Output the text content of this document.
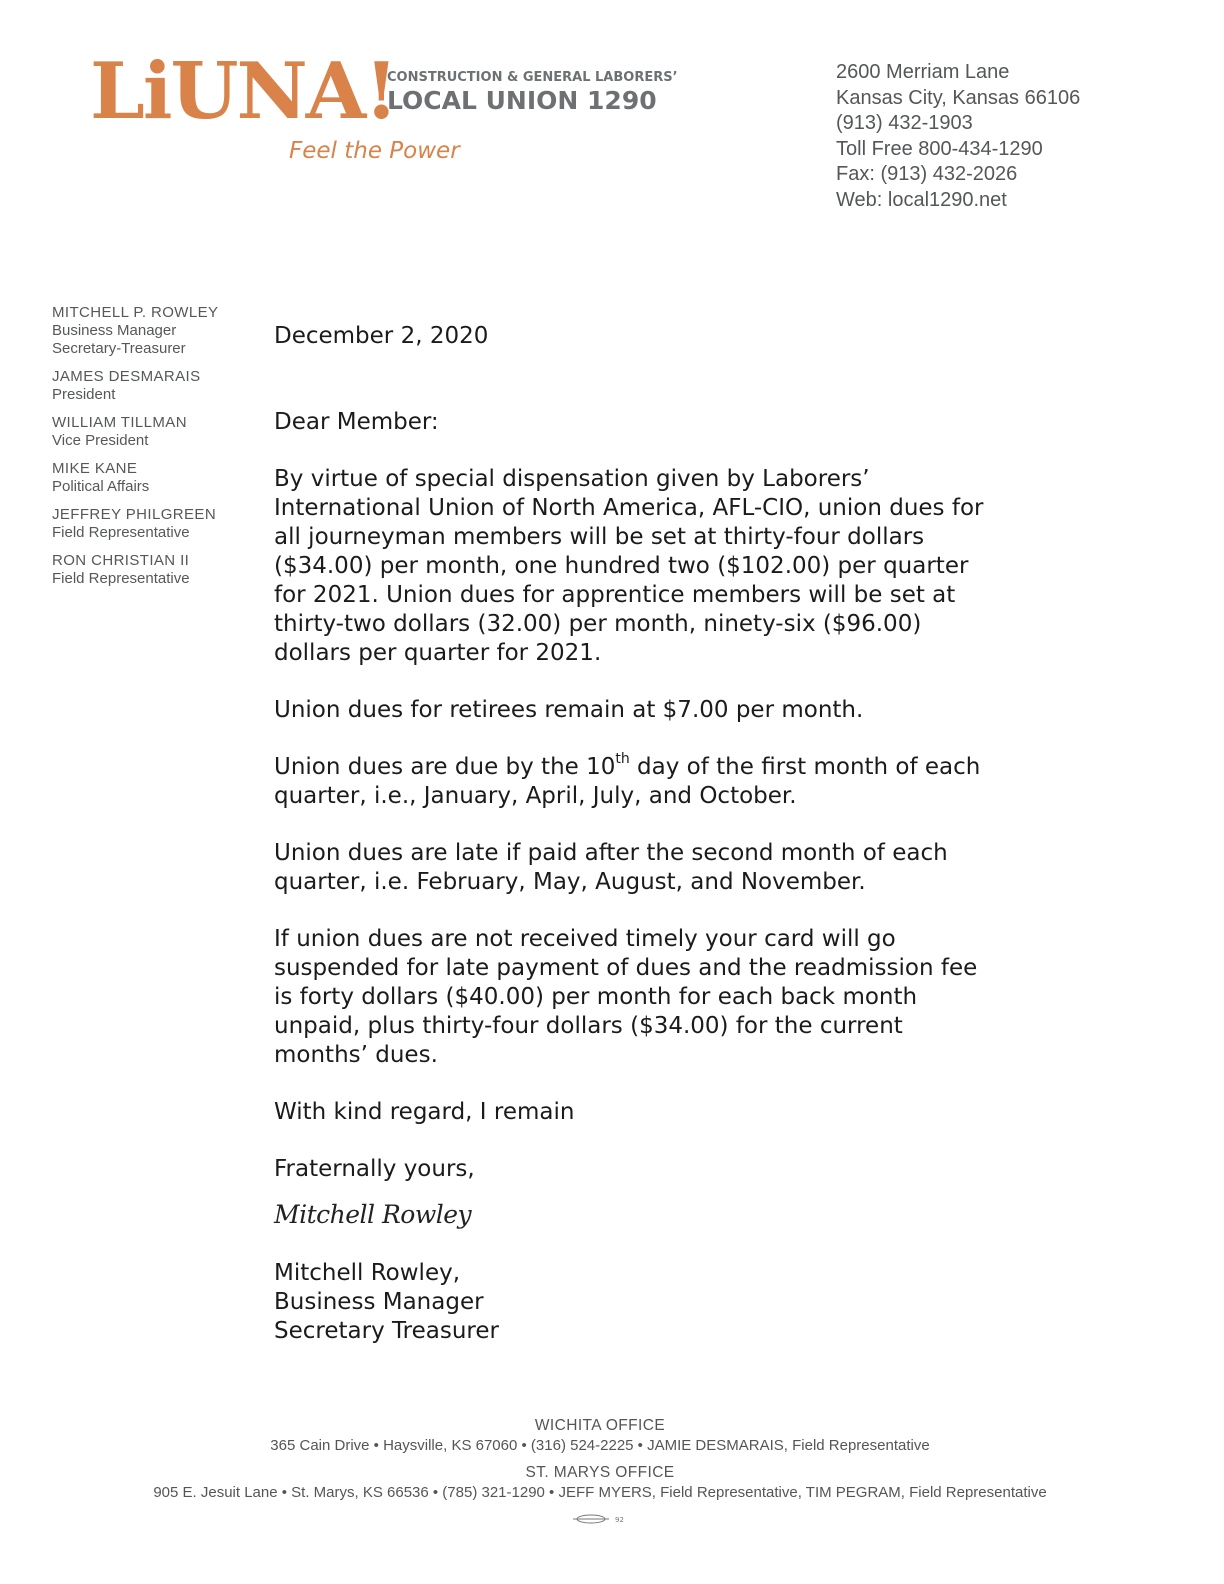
LiUNA!
CONSTRUCTION & GENERAL LABORERS’
LOCAL UNION 1290
Feel the Power
2600 Merriam Lane
Kansas City, Kansas 66106
(913) 432-1903
Toll Free 800-434-1290
Fax: (913) 432-2026
Web: local1290.net
MITCHELL P. ROWLEY
Business Manager
Secretary-Treasurer
JAMES DESMARAIS
President
WILLIAM TILLMAN
Vice President
MIKE KANE
Political Affairs
JEFFREY PHILGREEN
Field Representative
RON CHRISTIAN II
Field Representative

December 2, 2020

Dear Member:

By virtue of special dispensation given by Laborers’
International Union of North America, AFL-CIO, union dues for
all journeyman members will be set at thirty-four dollars
($34.00) per month, one hundred two ($102.00) per quarter
for 2021. Union dues for apprentice members will be set at
thirty-two dollars (32.00) per month, ninety-six ($96.00)
dollars per quarter for 2021.

Union dues for retirees remain at $7.00 per month.

Union dues are due by the 10th day of the first month of each
quarter, i.e., January, April, July, and October.

Union dues are late if paid after the second month of each
quarter, i.e. February, May, August, and November.

If union dues are not received timely your card will go
suspended for late payment of dues and the readmission fee
is forty dollars ($40.00) per month for each back month
unpaid, plus thirty-four dollars ($34.00) for the current
months’ dues.

With kind regard, I remain

Fraternally yours,

Mitchell Rowley

Mitchell Rowley,
Business Manager
Secretary Treasurer
WICHITA OFFICE
365 Cain Drive • Haysville, KS 67060 • (316) 524-2225 • JAMIE DESMARAIS, Field Representative
ST. MARYS OFFICE
905 E. Jesuit Lane • St. Marys, KS 66536 • (785) 321-1290 • JEFF MYERS, Field Representative, TIM PEGRAM, Field Representative
92
